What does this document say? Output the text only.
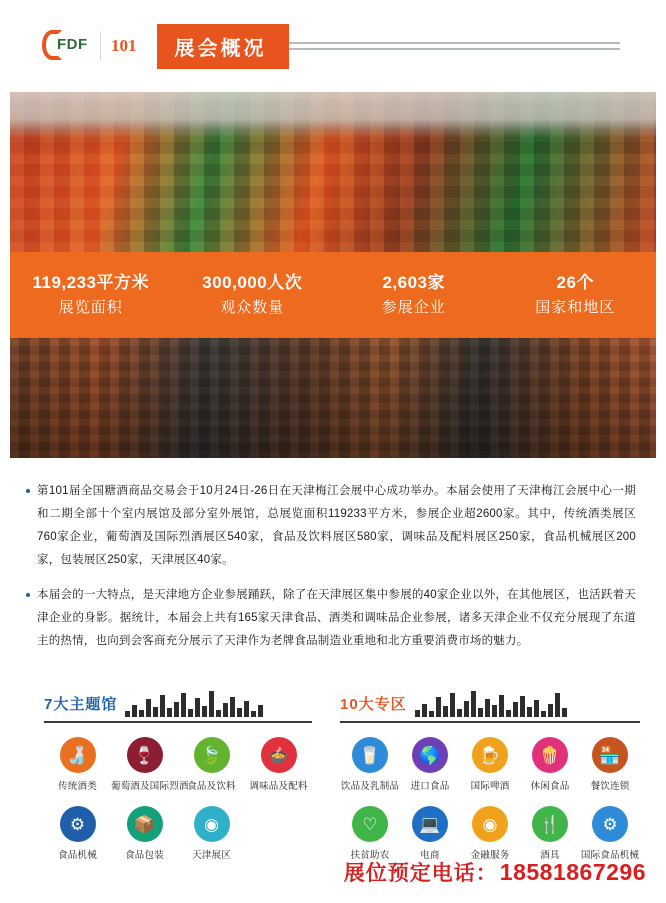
FDF 101	展会概况
119,233平方米
展览面积
300,000人次
观众数量
2,603家
参展企业
26个
国家和地区

第101届全国糖酒商品交易会于10月24日-26日在天津梅江会展中心成功举办。本届会使用了天津梅江会展中心一期和二期全部十个室内展馆及部分室外展馆，总展览面积119233平方米，参展企业超2600家。其中，传统酒类展区760家企业，葡萄酒及国际烈酒展区540家，食品及饮料展区580家，调味品及配料展区250家，食品机械展区200家，包装展区250家，天津展区40家。

本届会的一大特点，是天津地方企业参展踊跃，除了在天津展区集中参展的40家企业以外，在其他展区，也活跃着天津企业的身影。据统计，本届会上共有165家天津食品、酒类和调味品企业参展，诸多天津企业不仅充分展现了东道主的热情，也向到会客商充分展示了天津作为老牌食品制造业重地和北方重要消费市场的魅力。

7大主题馆
🍶
传统酒类
🍷
葡萄酒及国际烈酒
🍃
食品及饮料
🍲
调味品及配料
⚙
食品机械
📦
食品包装
◉
天津展区
10大专区
🥛
饮品及乳制品
🌎
进口食品
🍺
国际啤酒
🍿
休闲食品
🏪
餐饮连锁
♡
扶贫助农
💻
电商
◉
金融服务
🍴
酒具
⚙
国际食品机械
展位预定电话： 18581867296
